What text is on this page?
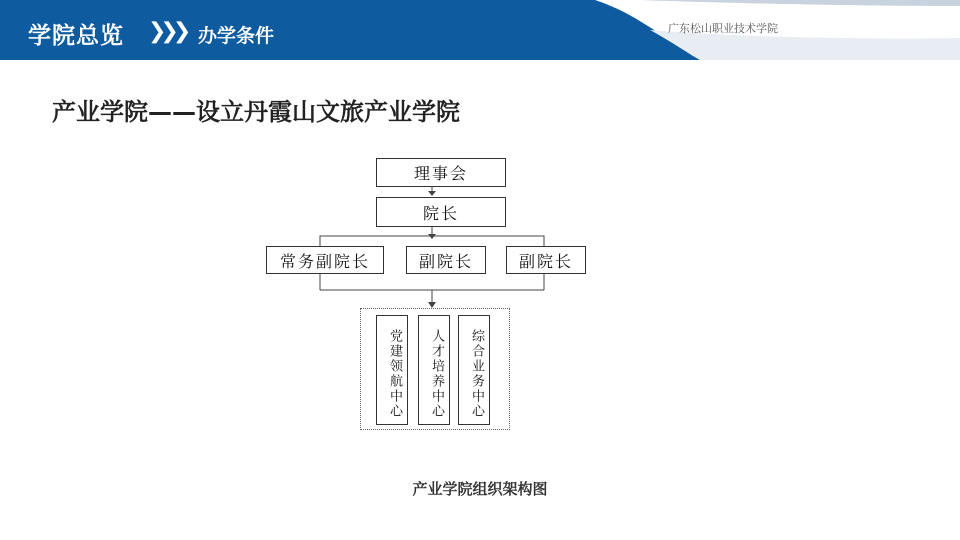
学院总览 ❯❯❯ 办学条件	广东松山职业技术学院
产业学院——设立丹霞山文旅产业学院
理事会
院长
常务副院长	副院长	副院长
党建领航中心	人才培养中心	综合业务中心
产业学院组织架构图
